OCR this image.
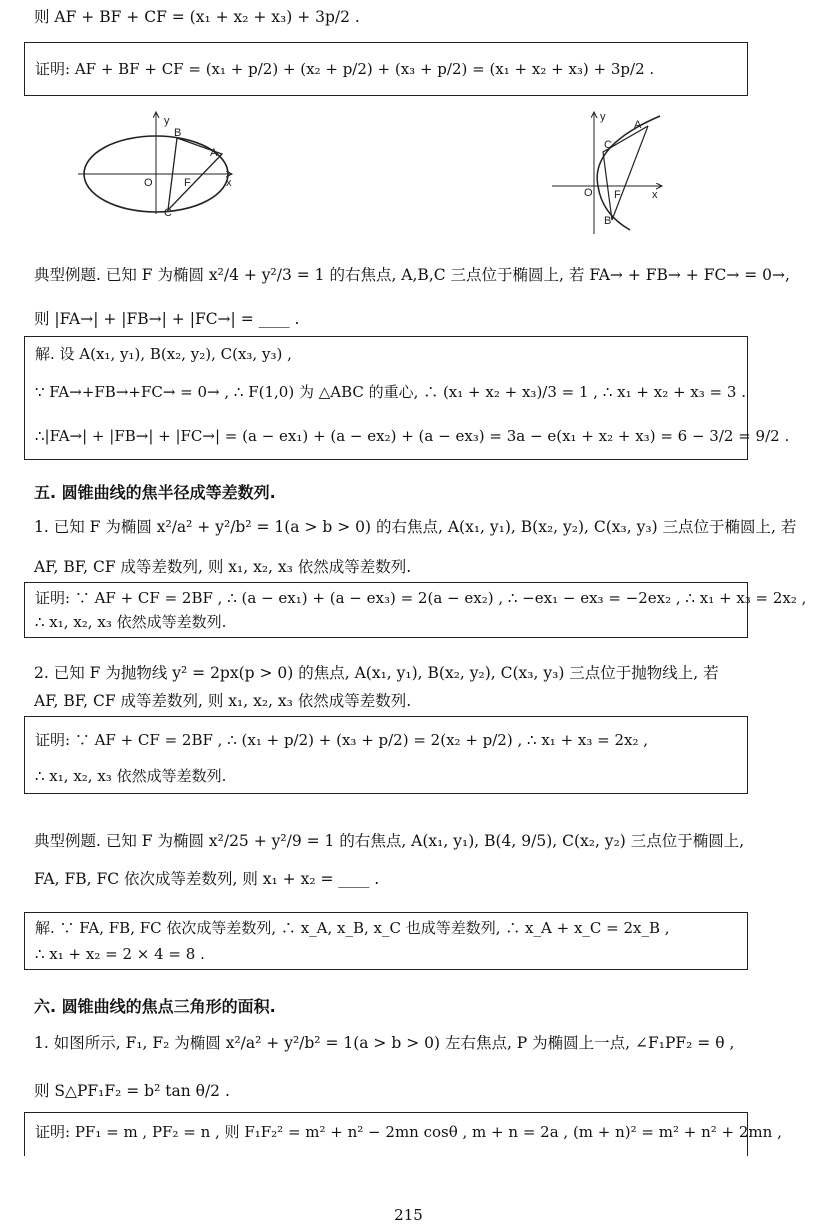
则 AF + BF + CF = (x₁ + x₂ + x₃) + 3p/2 .
证明: AF + BF + CF = (x₁ + p/2) + (x₂ + p/2) + (x₃ + p/2) = (x₁ + x₂ + x₃) + 3p/2 .
y
x
O	F
A
B
C
y
x
O F
A
C
B
典型例题. 已知 F 为椭圆 x²/4 + y²/3 = 1 的右焦点, A,B,C 三点位于椭圆上, 若 FA→ + FB→ + FC→ = 0→,
则 |FA→| + |FB→| + |FC→| = ____ .
解. 设 A(x₁, y₁), B(x₂, y₂), C(x₃, y₃) ,
∵ FA→+FB→+FC→ = 0→ , ∴ F(1,0) 为 △ABC 的重心, ∴ (x₁ + x₂ + x₃)/3 = 1 , ∴ x₁ + x₂ + x₃ = 3 .
∴|FA→| + |FB→| + |FC→| = (a − ex₁) + (a − ex₂) + (a − ex₃) = 3a − e(x₁ + x₂ + x₃) = 6 − 3/2 = 9/2 .
五. 圆锥曲线的焦半径成等差数列.
1. 已知 F 为椭圆 x²/a² + y²/b² = 1(a > b > 0) 的右焦点, A(x₁, y₁), B(x₂, y₂), C(x₃, y₃) 三点位于椭圆上, 若
AF, BF, CF 成等差数列, 则 x₁, x₂, x₃ 依然成等差数列.
证明: ∵ AF + CF = 2BF , ∴ (a − ex₁) + (a − ex₃) = 2(a − ex₂) , ∴ −ex₁ − ex₃ = −2ex₂ , ∴ x₁ + x₃ = 2x₂ ,
∴ x₁, x₂, x₃ 依然成等差数列.
2. 已知 F 为抛物线 y² = 2px(p > 0) 的焦点, A(x₁, y₁), B(x₂, y₂), C(x₃, y₃) 三点位于抛物线上, 若
AF, BF, CF 成等差数列, 则 x₁, x₂, x₃ 依然成等差数列.
证明: ∵ AF + CF = 2BF , ∴ (x₁ + p/2) + (x₃ + p/2) = 2(x₂ + p/2) , ∴ x₁ + x₃ = 2x₂ ,
∴ x₁, x₂, x₃ 依然成等差数列.
典型例题. 已知 F 为椭圆 x²/25 + y²/9 = 1 的右焦点, A(x₁, y₁), B(4, 9/5), C(x₂, y₂) 三点位于椭圆上,
FA, FB, FC 依次成等差数列, 则 x₁ + x₂ = ____ .
解. ∵ FA, FB, FC 依次成等差数列, ∴ x_A, x_B, x_C 也成等差数列, ∴ x_A + x_C = 2x_B ,
∴ x₁ + x₂ = 2 × 4 = 8 .
六. 圆锥曲线的焦点三角形的面积.
1. 如图所示, F₁, F₂ 为椭圆 x²/a² + y²/b² = 1(a > b > 0) 左右焦点, P 为椭圆上一点, ∠F₁PF₂ = θ ,
则 S△PF₁F₂ = b² tan θ/2 .
证明: PF₁ = m , PF₂ = n , 则 F₁F₂² = m² + n² − 2mn cosθ , m + n = 2a , (m + n)² = m² + n² + 2mn ,
215
